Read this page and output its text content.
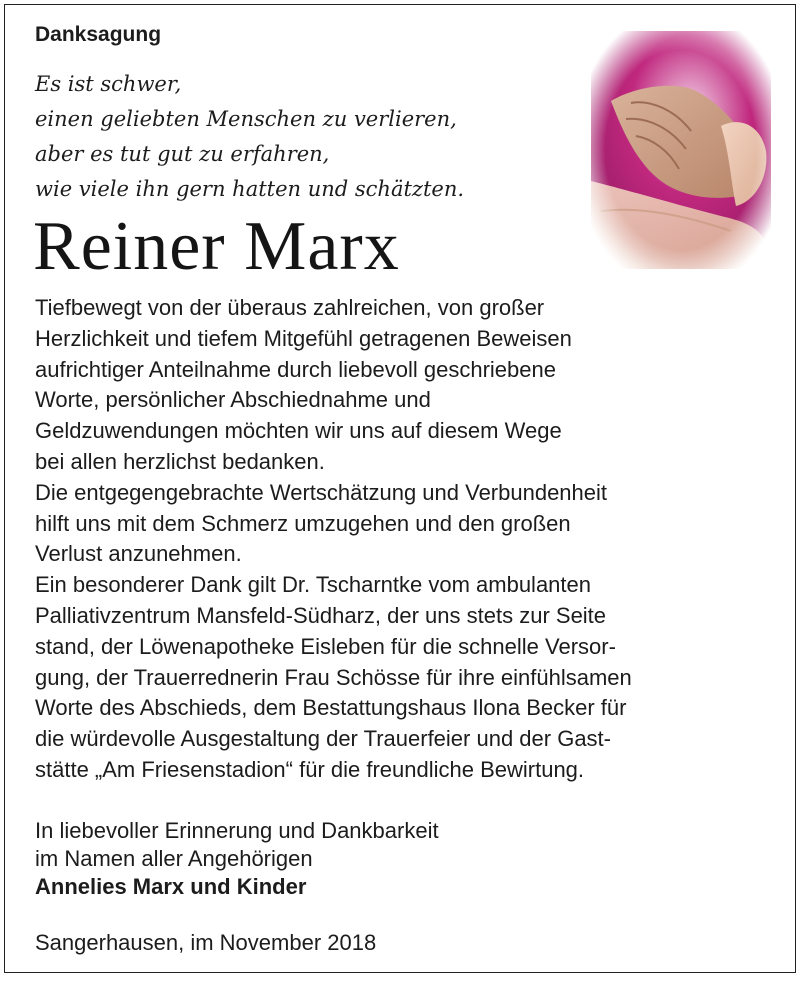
Danksagung
Es ist schwer,
einen geliebten Menschen zu verlieren,
aber es tut gut zu erfahren,
wie viele ihn gern hatten und schätzten.
Reiner Marx
Tiefbewegt von der überaus zahlreichen, von großer
Herzlichkeit und tiefem Mitgefühl getragenen Beweisen
aufrichtiger Anteilnahme durch liebevoll geschriebene
Worte, persönlicher Abschiednahme und
Geldzuwendungen möchten wir uns auf diesem Wege
bei allen herzlichst bedanken.
Die entgegengebrachte Wertschätzung und Verbundenheit
hilft uns mit dem Schmerz umzugehen und den großen
Verlust anzunehmen.
Ein besonderer Dank gilt Dr. Tscharntke vom ambulanten
Palliativzentrum Mansfeld-Südharz, der uns stets zur Seite
stand, der Löwenapotheke Eisleben für die schnelle Versor-
gung, der Trauerrednerin Frau Schösse für ihre einfühlsamen
Worte des Abschieds, dem Bestattungshaus Ilona Becker für
die würdevolle Ausgestaltung der Trauerfeier und der Gast-
stätte „Am Friesenstadion“ für die freundliche Bewirtung.
In liebevoller Erinnerung und Dankbarkeit
im Namen aller Angehörigen
Annelies Marx und Kinder
Sangerhausen, im November 2018
